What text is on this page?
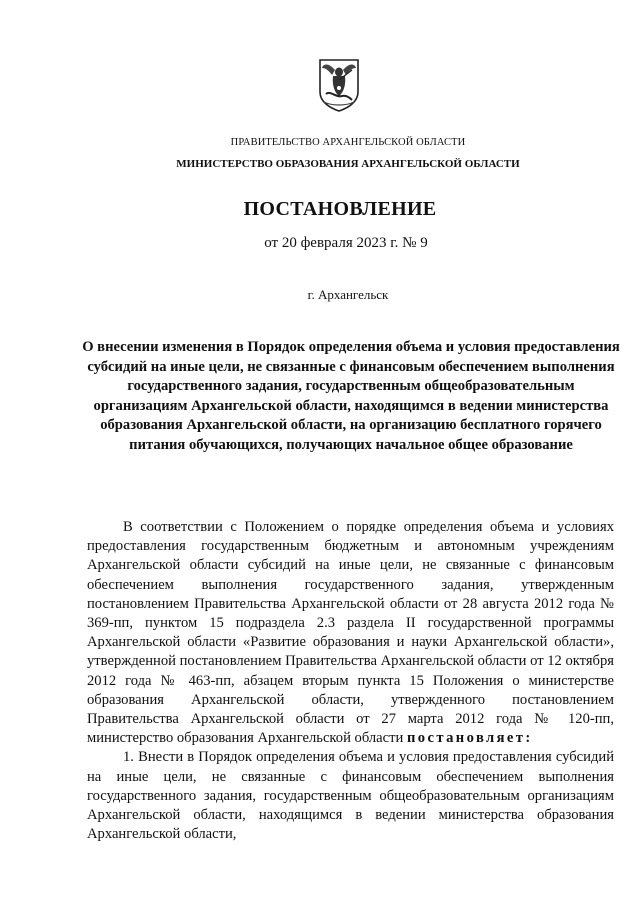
ПРАВИТЕЛЬСТВО АРХАНГЕЛЬСКОЙ ОБЛАСТИ
МИНИСТЕРСТВО ОБРАЗОВАНИЯ АРХАНГЕЛЬСКОЙ ОБЛАСТИ
ПОСТАНОВЛЕНИЕ
от 20 февраля 2023 г. № 9
г. Архангельск
О внесении изменения в Порядок определения объема и условия предоставления субсидий на иные цели, не связанные с финансовым обеспечением выполнения государственного задания, государственным общеобразовательным организациям Архангельской области, находящимся в ведении министерства образования Архангельской области, на организацию бесплатного горячего питания обучающихся, получающих начальное общее образование

В соответствии с Положением о порядке определения объема и условиях предоставления государственным бюджетным и автономным учреждениям Архангельской области субсидий на иные цели, не связанные с финансовым обеспечением выполнения государственного задания, утвержденным постановлением Правительства Архангельской области от 28 августа 2012 года № 369-пп, пунктом 15 подраздела 2.3 раздела II государственной программы Архангельской области «Развитие образования и науки Архангельской области», утвержденной постановлением Правительства Архангельской области от 12 октября 2012 года № 463-пп, абзацем вторым пункта 15 Положения о министерстве образования Архангельской области, утвержденного постановлением Правительства Архангельской области от 27 марта 2012 года № 120-пп, министерство образования Архангельской области постановляет:

1. Внести в Порядок определения объема и условия предоставления субсидий на иные цели, не связанные с финансовым обеспечением выполнения государственного задания, государственным общеобразовательным организациям Архангельской области, находящимся в ведении министерства образования Архангельской области,
